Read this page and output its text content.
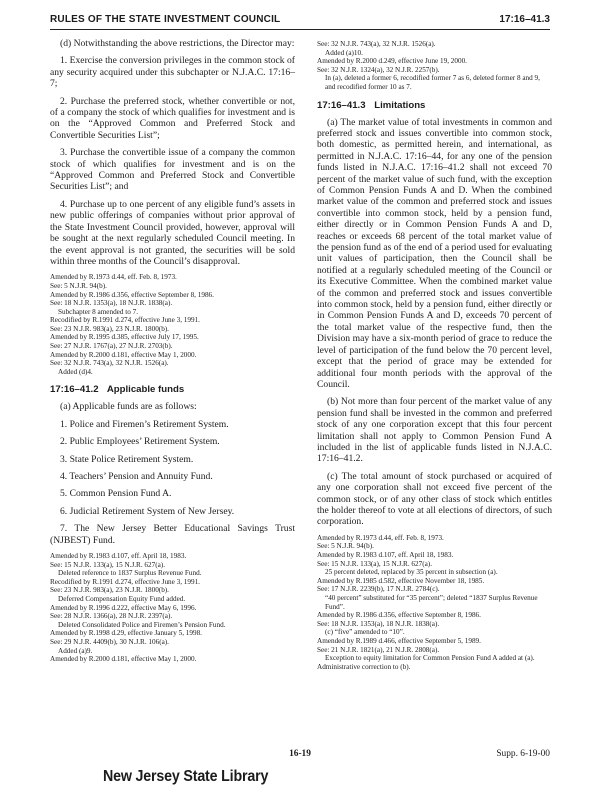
RULES OF THE STATE INVESTMENT COUNCIL	17:16–41.3

(d) Notwithstanding the above restrictions, the Director may:

1. Exercise the conversion privileges in the common stock of any security acquired under this subchapter or N.J.A.C. 17:16–7;

2. Purchase the preferred stock, whether convertible or not, of a company the stock of which qualifies for investment and is on the “Approved Common and Preferred Stock and Convertible Securities List”;

3. Purchase the convertible issue of a company the common stock of which qualifies for investment and is on the “Approved Common and Preferred Stock and Convertible Securities List”; and

4. Purchase up to one percent of any eligible fund’s assets in new public offerings of companies without prior approval of the State Investment Council provided, however, approval will be sought at the next regularly scheduled Council meeting. In the event approval is not granted, the securities will be sold within three months of the Council’s disapproval.

Amended by R.1973 d.44, eff. Feb. 8, 1973.
See: 5 N.J.R. 94(b).
Amended by R.1986 d.356, effective September 8, 1986.
See: 18 N.J.R. 1353(a), 18 N.J.R. 1838(a).
Subchapter 8 amended to 7.
Recodified by R.1991 d.274, effective June 3, 1991.
See: 23 N.J.R. 983(a), 23 N.J.R. 1800(b).
Amended by R.1995 d.385, effective July 17, 1995.
See: 27 N.J.R. 1767(a), 27 N.J.R. 2703(b).
Amended by R.2000 d.181, effective May 1, 2000.
See: 32 N.J.R. 743(a), 32 N.J.R. 1526(a).
Added (d)4.
17:16–41.2 Applicable funds

(a) Applicable funds are as follows:

1. Police and Firemen’s Retirement System.

2. Public Employees’ Retirement System.

3. State Police Retirement System.

4. Teachers’ Pension and Annuity Fund.

5. Common Pension Fund A.

6. Judicial Retirement System of New Jersey.

7. The New Jersey Better Educational Savings Trust (NJBEST) Fund.

Amended by R.1983 d.107, eff. April 18, 1983.
See: 15 N.J.R. 133(a), 15 N.J.R. 627(a).
Deleted reference to 1837 Surplus Revenue Fund.
Recodified by R.1991 d.274, effective June 3, 1991.
See: 23 N.J.R. 983(a), 23 N.J.R. 1800(b).
Deferred Compensation Equity Fund added.
Amended by R.1996 d.222, effective May 6, 1996.
See: 28 N.J.R. 1366(a), 28 N.J.R. 2397(a).
Deleted Consolidated Police and Firemen’s Pension Fund.
Amended by R.1998 d.29, effective January 5, 1998.
See: 29 N.J.R. 4409(b), 30 N.J.R. 106(a).
Added (a)9.
Amended by R.2000 d.181, effective May 1, 2000.
See: 32 N.J.R. 743(a), 32 N.J.R. 1526(a).
Added (a)10.
Amended by R.2000 d.249, effective June 19, 2000.
See: 32 N.J.R. 1324(a), 32 N.J.R. 2257(b).
In (a), deleted a former 6, recodified former 7 as 6, deleted former 8 and 9, and recodified former 10 as 7.
17:16–41.3 Limitations

(a) The market value of total investments in common and preferred stock and issues convertible into common stock, both domestic, as permitted herein, and international, as permitted in N.J.A.C. 17:16–44, for any one of the pension funds listed in N.J.A.C. 17:16–41.2 shall not exceed 70 percent of the market value of such fund, with the exception of Common Pension Funds A and D. When the combined market value of the common and preferred stock and issues convertible into common stock, held by a pension fund, either directly or in Common Pension Funds A and D, reaches or exceeds 68 percent of the total market value of the pension fund as of the end of a period used for evaluating unit values of participation, then the Council shall be notified at a regularly scheduled meeting of the Council or its Executive Committee. When the combined market value of the common and preferred stock and issues convertible into common stock, held by a pension fund, either directly or in Common Pension Funds A and D, exceeds 70 percent of the total market value of the respective fund, then the Division may have a six-month period of grace to reduce the level of participation of the fund below the 70 percent level, except that the period of grace may be extended for additional four month periods with the approval of the Council.

(b) Not more than four percent of the market value of any pension fund shall be invested in the common and preferred stock of any one corporation except that this four percent limitation shall not apply to Common Pension Fund A included in the list of applicable funds listed in N.J.A.C. 17:16–41.2.

(c) The total amount of stock purchased or acquired of any one corporation shall not exceed five percent of the common stock, or of any other class of stock which entitles the holder thereof to vote at all elections of directors, of such corporation.

Amended by R.1973 d.44, eff. Feb. 8, 1973.
See: 5 N.J.R. 94(b).
Amended by R.1983 d.107, eff. April 18, 1983.
See: 15 N.J.R. 133(a), 15 N.J.R. 627(a).
25 percent deleted, replaced by 35 percent in subsection (a).
Amended by R.1985 d.582, effective November 18, 1985.
See: 17 N.J.R. 2239(b), 17 N.J.R. 2784(c).
“40 percent” substituted for “35 percent”; deleted “1837 Surplus Revenue Fund”.
Amended by R.1986 d.356, effective September 8, 1986.
See: 18 N.J.R. 1353(a), 18 N.J.R. 1838(a).
(c) “five” amended to “10”.
Amended by R.1989 d.466, effective September 5, 1989.
See: 21 N.J.R. 1821(a), 21 N.J.R. 2808(a).
Exception to equity limitation for Common Pension Fund A added at (a).
Administrative correction to (b).
16-19	Supp. 6-19-00
New Jersey State Library
